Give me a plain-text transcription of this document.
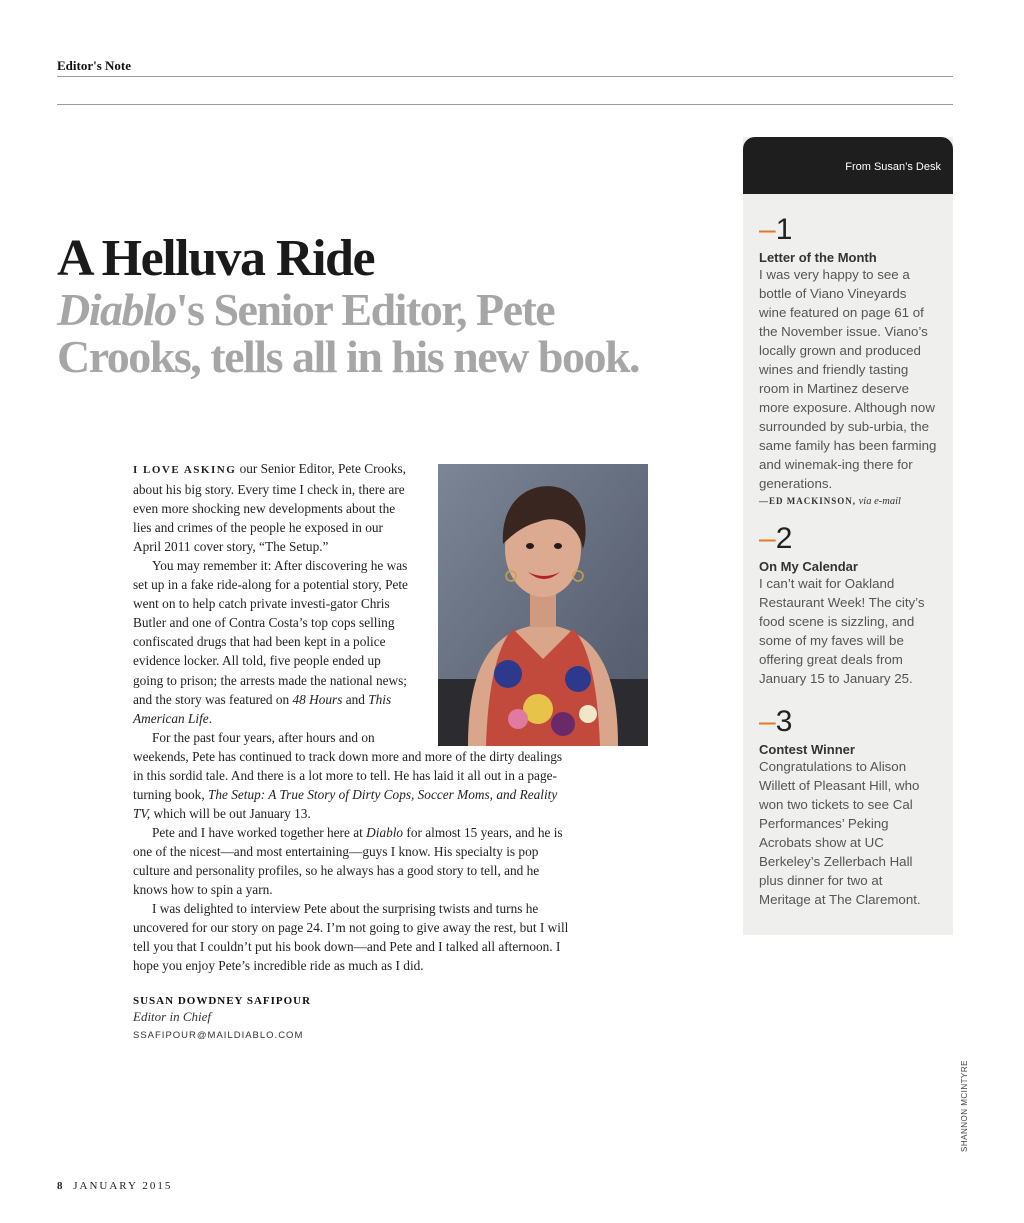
Editor's Note
A Helluva Ride
Diablo's Senior Editor, Pete Crooks, tells all in his new book.

I LOVE ASKING our Senior Editor, Pete Crooks, about his big story. Every time I check in, there are even more shocking new developments about the lies and crimes of the people he exposed in our April 2011 cover story, “The Setup.”

You may remember it: After discovering he was set up in a fake ride-along for a potential story, Pete went on to help catch private investi-gator Chris Butler and one of Contra Costa’s top cops selling confiscated drugs that had been kept in a police evidence locker. All told, five people ended up going to prison; the arrests made the national news; and the story was featured on 48 Hours and This American Life.

For the past four years, after hours and on weekends, Pete has continued to track down more and more of the dirty dealings in this sordid tale. And there is a lot more to tell. He has laid it all out in a page-turning book, The Setup: A True Story of Dirty Cops, Soccer Moms, and Reality TV, which will be out January 13.

Pete and I have worked together here at Diablo for almost 15 years, and he is one of the nicest—and most entertaining—guys I know. His specialty is pop culture and personality profiles, so he always has a good story to tell, and he knows how to spin a yarn.

I was delighted to interview Pete about the surprising twists and turns he uncovered for our story on page 24. I’m not going to give away the rest, but I will tell you that I couldn’t put his book down—and Pete and I talked all afternoon. I hope you enjoy Pete’s incredible ride as much as I did.

SUSAN DOWDNEY SAFIPOUR
Editor in Chief
SSAFIPOUR@MAILDIABLO.COM
From Susan’s Desk
–1
Letter of the Month
I was very happy to see a bottle of Viano Vineyards wine featured on page 61 of the November issue. Viano’s locally grown and produced wines and friendly tasting room in Martinez deserve more exposure. Although now surrounded by sub-urbia, the same family has been farming and winemak-ing there for generations.
—ED MACKINSON, via e-mail
–2
On My Calendar
I can’t wait for Oakland Restaurant Week! The city’s food scene is sizzling, and some of my faves will be offering great deals from January 15 to January 25.
–3
Contest Winner
Congratulations to Alison Willett of Pleasant Hill, who won two tickets to see Cal Performances’ Peking Acrobats show at UC Berkeley’s Zellerbach Hall plus dinner for two at Meritage at The Claremont.
SHANNON MCINTYRE
8 JANUARY 2015
